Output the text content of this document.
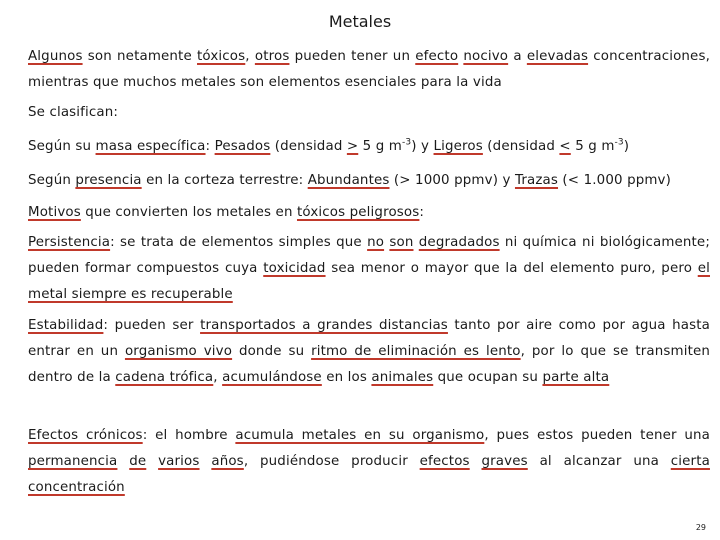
Metales
Algunos son netamente tóxicos, otros pueden tener un efecto nocivo a elevadas concentraciones, mientras que muchos metales son elementos esenciales para la vida
Se clasifican:
Según su masa específica: Pesados (densidad > 5 g $m^{-3}$) y Ligeros (densidad < 5 g $m^{-3}$)
Según presencia en la corteza terrestre: Abundantes (> 1000 ppmv) y Trazas (< 1.000 ppmv)
Motivos que convierten los metales en tóxicos peligrosos:
Persistencia: se trata de elementos simples que no son degradados ni química ni biológicamente; pueden formar compuestos cuya toxicidad sea menor o mayor que la del elemento puro, pero el metal siempre es recuperable
Estabilidad: pueden ser transportados a grandes distancias tanto por aire como por agua hasta entrar en un organismo vivo donde su ritmo de eliminación es lento, por lo que se transmiten dentro de la cadena trófica, acumulándose en los animales que ocupan su parte alta
Efectos crónicos: el hombre acumula metales en su organismo, pues estos pueden tener una permanencia de varios años, pudiéndose producir efectos graves al alcanzar una cierta concentración
29
